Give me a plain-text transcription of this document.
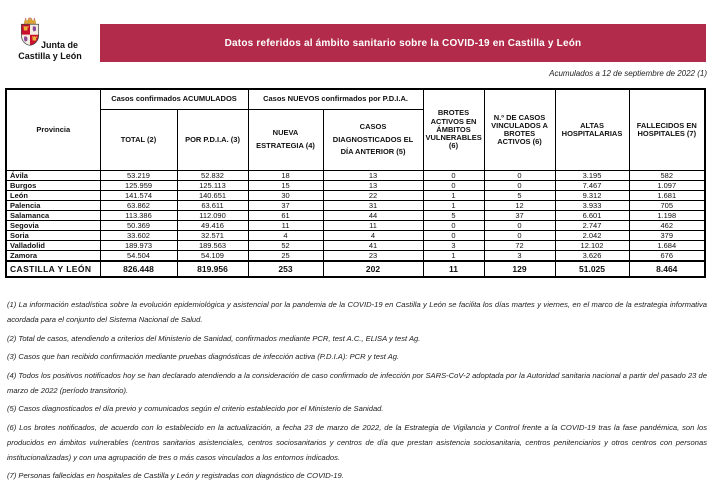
Junta de
Castilla y León
Datos referidos al ámbito sanitario sobre la COVID-19 en Castilla y León
Acumulados a 12 de septiembre de 2022 (1)
Provincia	Casos confirmados ACUMULADOS		Casos NUEVOS confirmados por P.D.I.A.		BROTES ACTIVOS EN ÁMBITOS VULNERABLES (6)	N.º DE CASOS VINCULADOS A BROTES ACTIVOS (6)	ALTAS HOSPITALARIAS	FALLECIDOS EN HOSPITALES (7)
	TOTAL (2)	POR P.D.I.A. (3)	NUEVA ESTRATEGIA (4)	CASOS DIAGNOSTICADOS EL DÍA ANTERIOR (5)				
Ávila	53.219	52.832	18	13	0	0	3.195	582
Burgos	125.959	125.113	15	13	0	0	7.467	1.097
León	141.574	140.651	30	22	1	5	9.312	1.681
Palencia	63.862	63.611	37	31	1	12	3.933	705
Salamanca	113.386	112.090	61	44	5	37	6.601	1.198
Segovia	50.369	49.416	11	11	0	0	2.747	462
Soria	33.602	32.571	4	4	0	0	2.042	379
Valladolid	189.973	189.563	52	41	3	72	12.102	1.684
Zamora	54.504	54.109	25	23	1	3	3.626	676
CASTILLA Y LEÓN	826.448	819.956	253	202	11	129	51.025	8.464

(1) La información estadística sobre la evolución epidemiológica y asistencial por la pandemia de la COVID-19 en Castilla y León se facilita los días martes y viernes, en el marco de la estrategia informativa acordada para el conjunto del Sistema Nacional de Salud.

(2) Total de casos, atendiendo a criterios del Ministerio de Sanidad, confirmados mediante PCR, test A.C., ELISA y test Ag.

(3) Casos que han recibido confirmación mediante pruebas diagnósticas de infección activa (P.D.I.A): PCR y test Ag.

(4) Todos los positivos notificados hoy se han declarado atendiendo a la consideración de caso confirmado de infección por SARS-CoV-2 adoptada por la Autoridad sanitaria nacional a partir del pasado 23 de marzo de 2022 (período transitorio).

(5) Casos diagnosticados el día previo y comunicados según el criterio establecido por el Ministerio de Sanidad.

(6) Los brotes notificados, de acuerdo con lo establecido en la actualización, a fecha 23 de marzo de 2022, de la Estrategia de Vigilancia y Control frente a la COVID-19 tras la fase pandémica, son los producidos en ámbitos vulnerables (centros sanitarios asistenciales, centros sociosanitarios y centros de día que prestan asistencia sociosanitaria, centros penitenciarios y otros centros con personas institucionalizadas) y con una agrupación de tres o más casos vinculados a los entornos indicados.

(7) Personas fallecidas en hospitales de Castilla y León y registradas con diagnóstico de COVID-19.
